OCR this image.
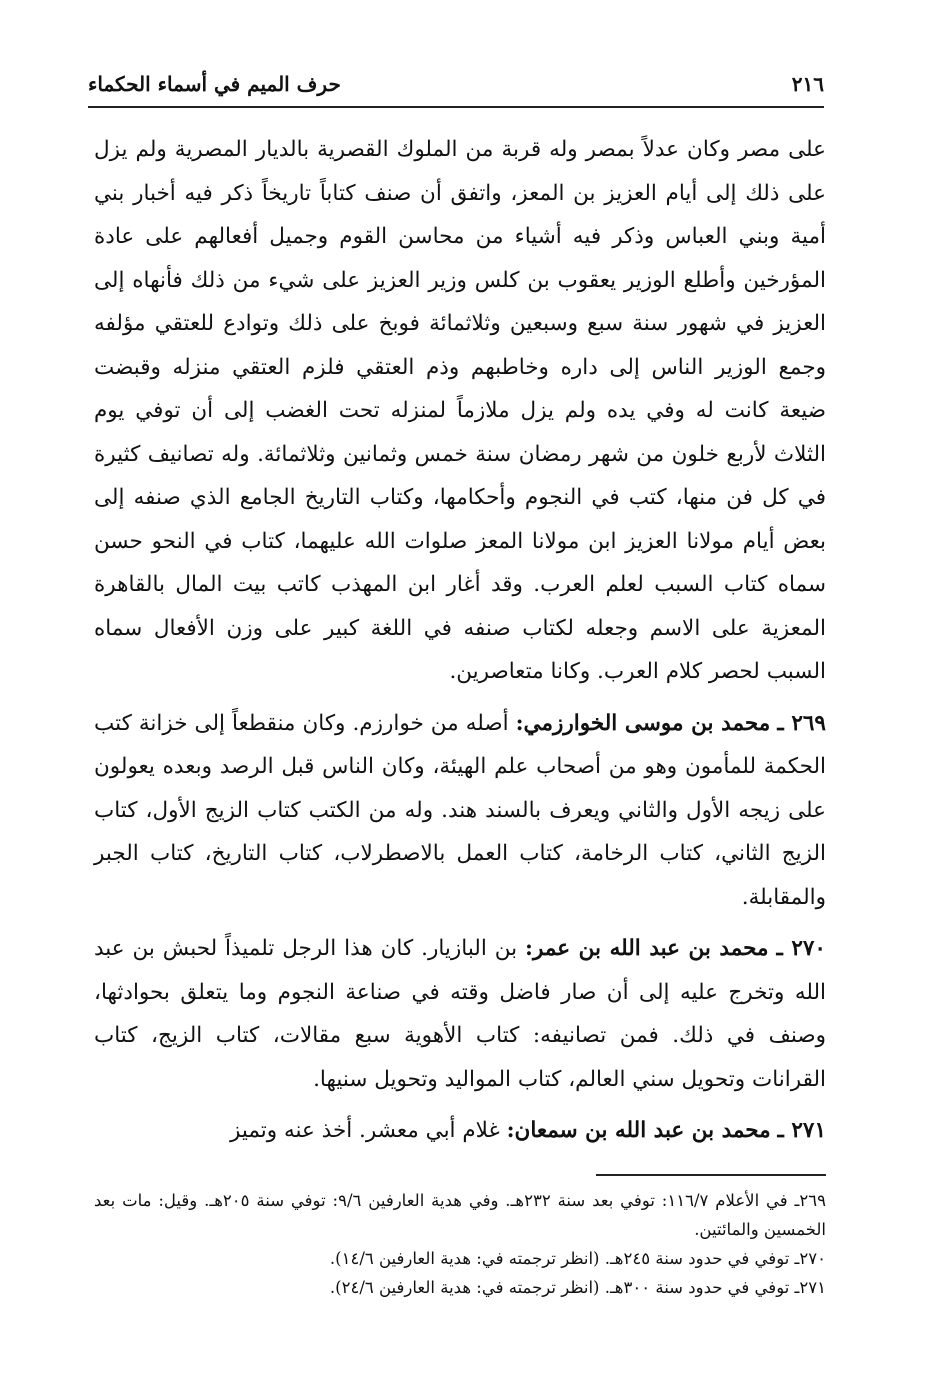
٢١٦
حرف الميم في أسماء الحكماء

على مصر وكان عدلاً بمصر وله قربة من الملوك القصرية بالديار المصرية ولم يزل على ذلك إلى أيام العزيز بن المعز، واتفق أن صنف كتاباً تاريخاً ذكر فيه أخبار بني أمية وبني العباس وذكر فيه أشياء من محاسن القوم وجميل أفعالهم على عادة المؤرخين وأطلع الوزير يعقوب بن كلس وزير العزيز على شيء من ذلك فأنهاه إلى العزيز في شهور سنة سبع وسبعين وثلاثمائة فوبخ على ذلك وتوادع للعتقي مؤلفه وجمع الوزير الناس إلى داره وخاطبهم وذم العتقي فلزم العتقي منزله وقبضت ضيعة كانت له وفي يده ولم يزل ملازماً لمنزله تحت الغضب إلى أن توفي يوم الثلاث لأربع خلون من شهر رمضان سنة خمس وثمانين وثلاثمائة. وله تصانيف كثيرة في كل فن منها، كتب في النجوم وأحكامها، وكتاب التاريخ الجامع الذي صنفه إلى بعض أيام مولانا العزيز ابن مولانا المعز صلوات الله عليهما، كتاب في النحو حسن سماه كتاب السبب لعلم العرب. وقد أغار ابن المهذب كاتب بيت المال بالقاهرة المعزية على الاسم وجعله لكتاب صنفه في اللغة كبير على وزن الأفعال سماه السبب لحصر كلام العرب. وكانا متعاصرين.

٢٦٩ ـ محمد بن موسى الخوارزمي: أصله من خوارزم. وكان منقطعاً إلى خزانة كتب الحكمة للمأمون وهو من أصحاب علم الهيئة، وكان الناس قبل الرصد وبعده يعولون على زيجه الأول والثاني ويعرف بالسند هند. وله من الكتب كتاب الزيج الأول، كتاب الزيج الثاني، كتاب الرخامة، كتاب العمل بالاصطرلاب، كتاب التاريخ، كتاب الجبر والمقابلة.

٢٧٠ ـ محمد بن عبد الله بن عمر: بن البازيار. كان هذا الرجل تلميذاً لحبش بن عبد الله وتخرج عليه إلى أن صار فاضل وقته في صناعة النجوم وما يتعلق بحوادثها، وصنف في ذلك. فمن تصانيفه: كتاب الأهوية سبع مقالات، كتاب الزيج، كتاب القرانات وتحويل سني العالم، كتاب المواليد وتحويل سنيها.

٢٧١ ـ محمد بن عبد الله بن سمعان: غلام أبي معشر. أخذ عنه وتميز

٢٦٩ـ في الأعلام ١١٦/٧: توفي بعد سنة ٢٣٢هـ. وفي هدية العارفين ٩/٦: توفي سنة ٢٠٥هـ. وقيل: مات بعد الخمسين والمائتين.

٢٧٠ـ توفي في حدود سنة ٢٤٥هـ. (انظر ترجمته في: هدية العارفين ١٤/٦).

٢٧١ـ توفي في حدود سنة ٣٠٠هـ. (انظر ترجمته في: هدية العارفين ٢٤/٦).
